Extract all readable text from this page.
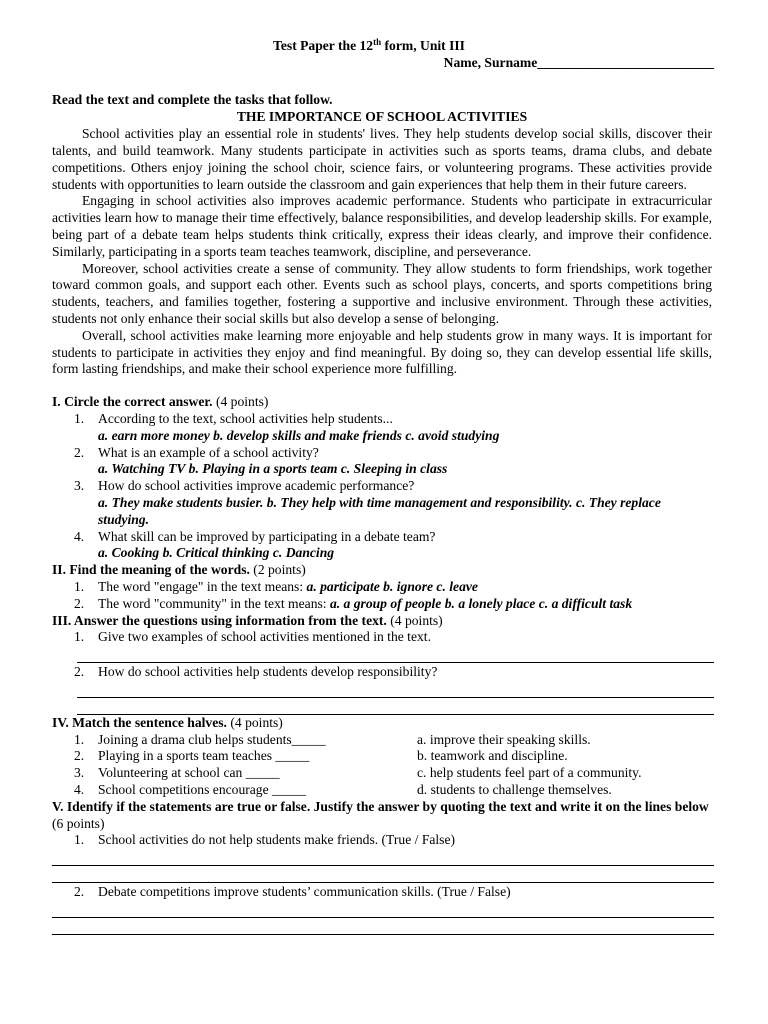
Test Paper the 12th form, Unit III
Name, Surname__________________________
Read the text and complete the tasks that follow.
THE IMPORTANCE OF SCHOOL ACTIVITIES

School activities play an essential role in students' lives. They help students develop social skills, discover their talents, and build teamwork. Many students participate in activities such as sports teams, drama clubs, and debate competitions. Others enjoy joining the school choir, science fairs, or volunteering programs. These activities provide students with opportunities to learn outside the classroom and gain experiences that help them in their future careers.

Engaging in school activities also improves academic performance. Students who participate in extracurricular activities learn how to manage their time effectively, balance responsibilities, and develop leadership skills. For example, being part of a debate team helps students think critically, express their ideas clearly, and improve their confidence. Similarly, participating in a sports team teaches teamwork, discipline, and perseverance.

Moreover, school activities create a sense of community. They allow students to form friendships, work together toward common goals, and support each other. Events such as school plays, concerts, and sports competitions bring students, teachers, and families together, fostering a supportive and inclusive environment. Through these activities, students not only enhance their social skills but also develop a sense of belonging.

Overall, school activities make learning more enjoyable and help students grow in many ways. It is important for students to participate in activities they enjoy and find meaningful. By doing so, they can develop essential life skills, form lasting friendships, and make their school experience more fulfilling.

I. Circle the correct answer. (4 points)
1. According to the text, school activities help students...
a. earn more money b. develop skills and make friends c. avoid studying
2. What is an example of a school activity?
a. Watching TV b. Playing in a sports team c. Sleeping in class
3. How do school activities improve academic performance?
a. They make students busier. b. They help with time management and responsibility. c. They replace studying.
4. What skill can be improved by participating in a debate team?
a. Cooking b. Critical thinking c. Dancing
II. Find the meaning of the words. (2 points)
1. The word "engage" in the text means: a. participate b. ignore c. leave
2. The word "community" in the text means: a. a group of people b. a lonely place c. a difficult task
III. Answer the questions using information from the text. (4 points)
1. Give two examples of school activities mentioned in the text.
2. How do school activities help students develop responsibility?
IV. Match the sentence halves. (4 points)
1. Joining a drama club helps students_____	a. improve their speaking skills.
2. Playing in a sports team teaches _____	b. teamwork and discipline.
3. Volunteering at school can _____	c. help students feel part of a community.
4. School competitions encourage _____	d. students to challenge themselves.
V. Identify if the statements are true or false. Justify the answer by quoting the text and write it on the lines below (6 points)
1. School activities do not help students make friends. (True / False)
2. Debate competitions improve students’ communication skills. (True / False)
